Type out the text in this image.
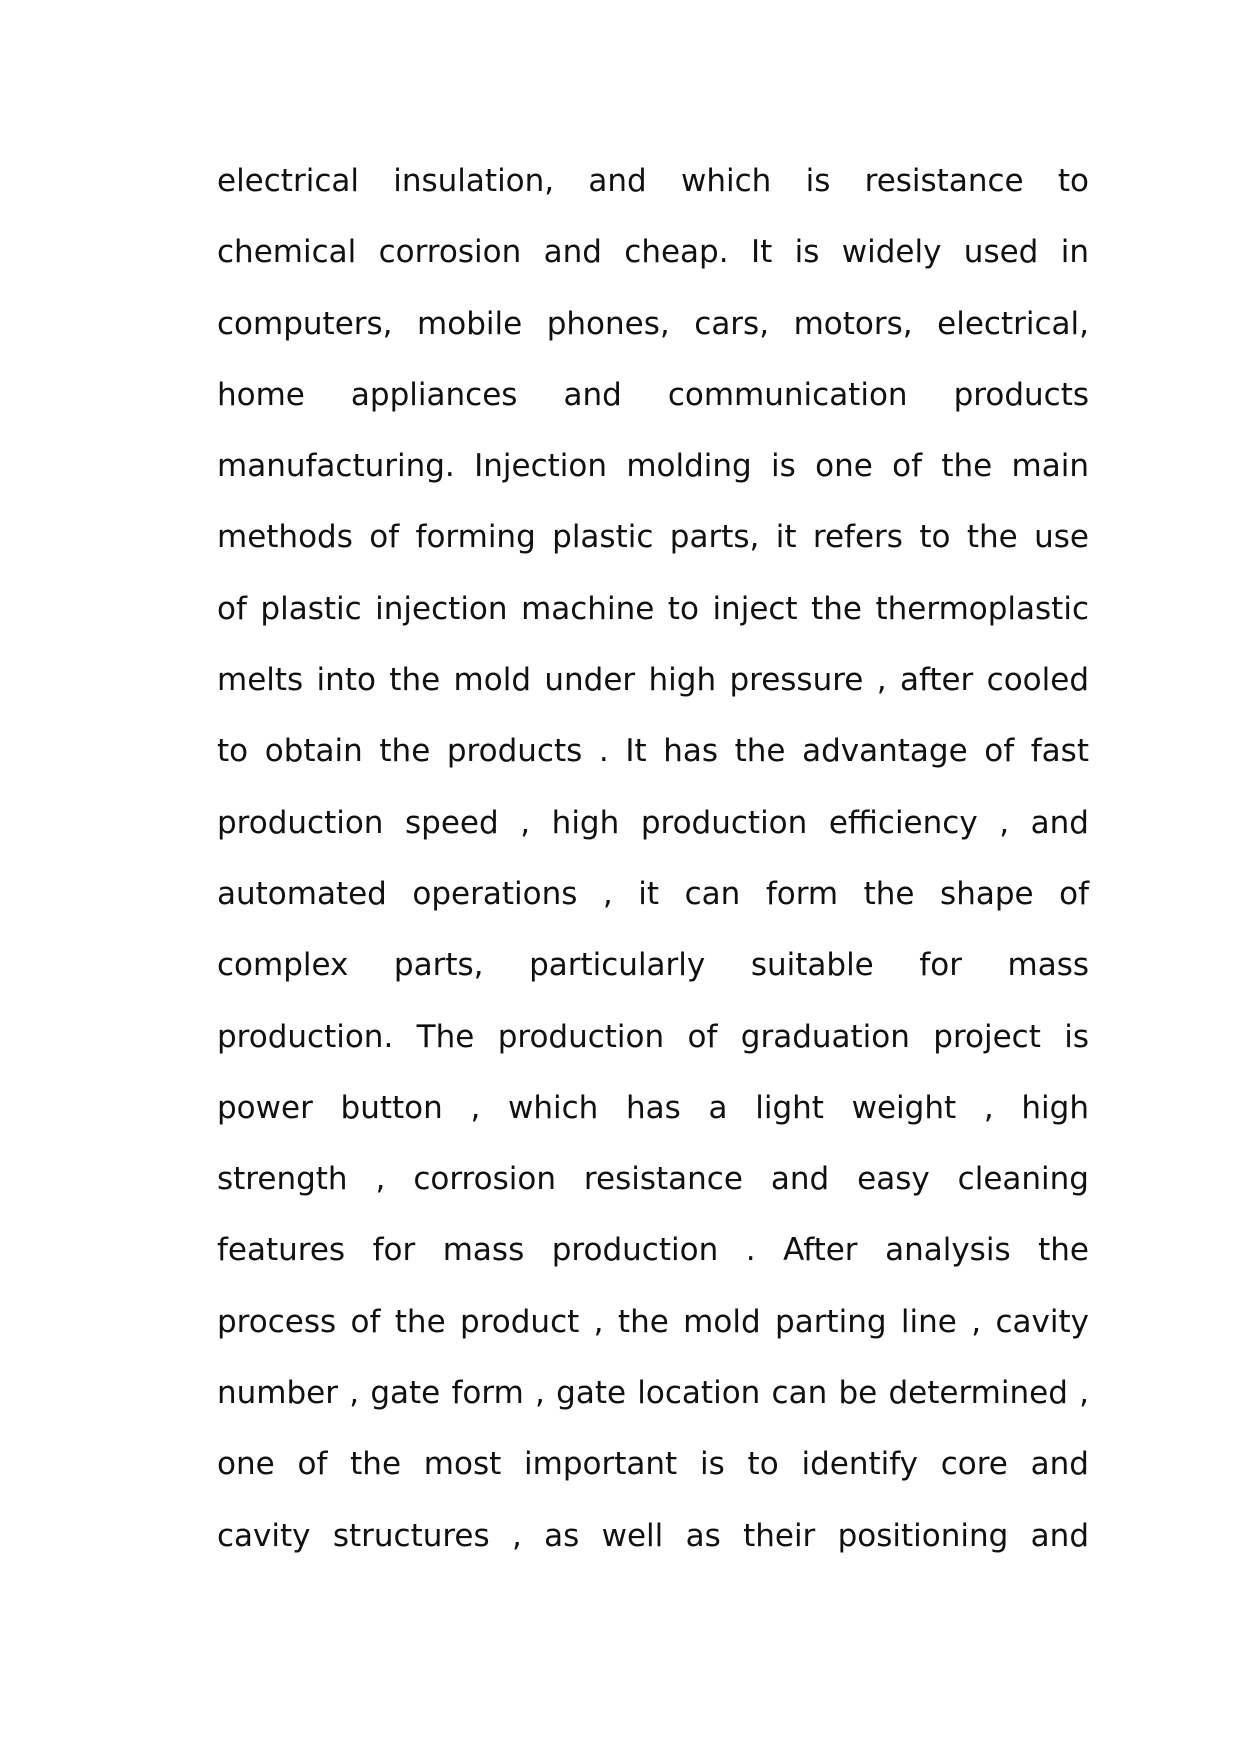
electrical insulation, and which is resistance to
chemical corrosion and cheap. It is widely used in
computers, mobile phones, cars, motors, electrical,
home appliances and communication products
manufacturing. Injection molding is one of the main
methods of forming plastic parts, it refers to the use
of plastic injection machine to inject the thermoplastic
melts into the mold under high pressure , after cooled
to obtain the products . It has the advantage of fast
production speed , high production efficiency , and
automated operations , it can form the shape of
complex parts, particularly suitable for mass
production. The production of graduation project is
power button , which has a light weight , high
strength , corrosion resistance and easy cleaning
features for mass production . After analysis the
process of the product , the mold parting line , cavity
number , gate form , gate location can be determined ,
one of the most important is to identify core and
cavity structures , as well as their positioning and
